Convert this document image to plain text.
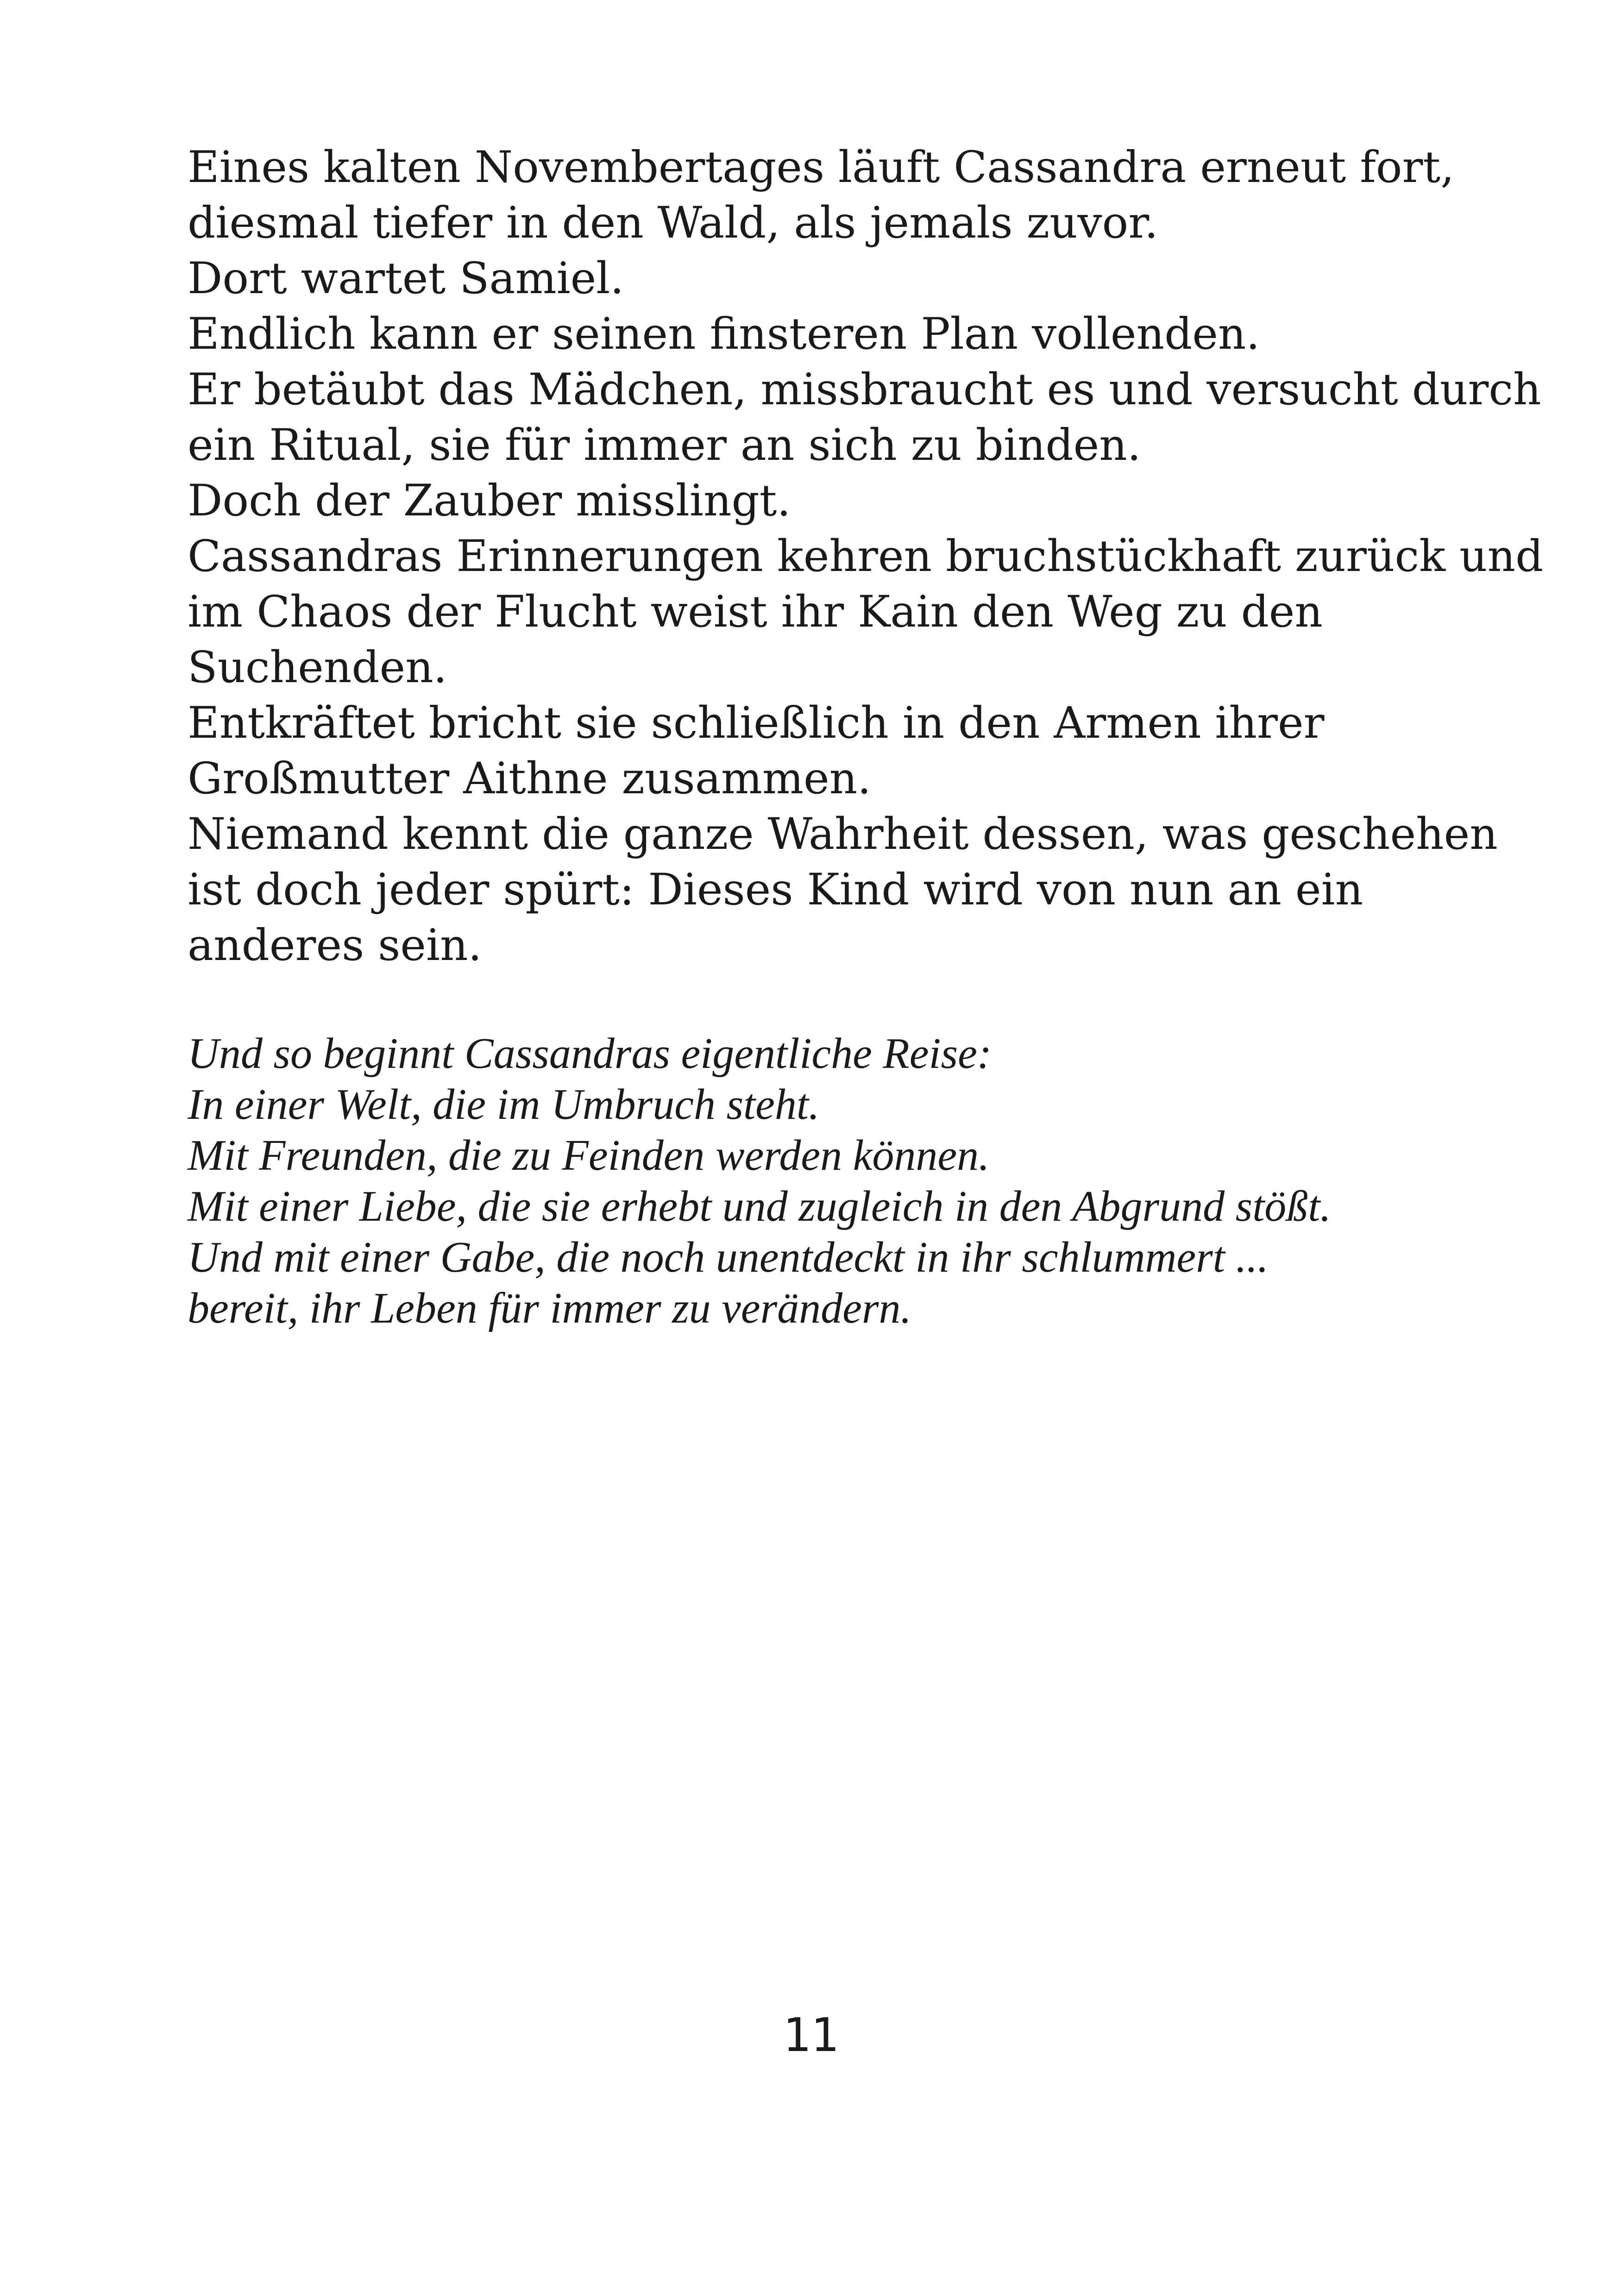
Eines kalten Novembertages läuft Cassandra erneut fort,
diesmal tiefer in den Wald, als jemals zuvor.
Dort wartet Samiel.
Endlich kann er seinen finsteren Plan vollenden.
Er betäubt das Mädchen, missbraucht es und versucht durch
ein Ritual, sie für immer an sich zu binden.
Doch der Zauber misslingt.
Cassandras Erinnerungen kehren bruchstückhaft zurück und
im Chaos der Flucht weist ihr Kain den Weg zu den
Suchenden.
Entkräftet bricht sie schließlich in den Armen ihrer
Großmutter Aithne zusammen.
Niemand kennt die ganze Wahrheit dessen, was geschehen
ist doch jeder spürt: Dieses Kind wird von nun an ein
anderes sein.
Und so beginnt Cassandras eigentliche Reise:
In einer Welt, die im Umbruch steht.
Mit Freunden, die zu Feinden werden können.
Mit einer Liebe, die sie erhebt und zugleich in den Abgrund stößt.
Und mit einer Gabe, die noch unentdeckt in ihr schlummert ...
bereit, ihr Leben für immer zu verändern.
11
